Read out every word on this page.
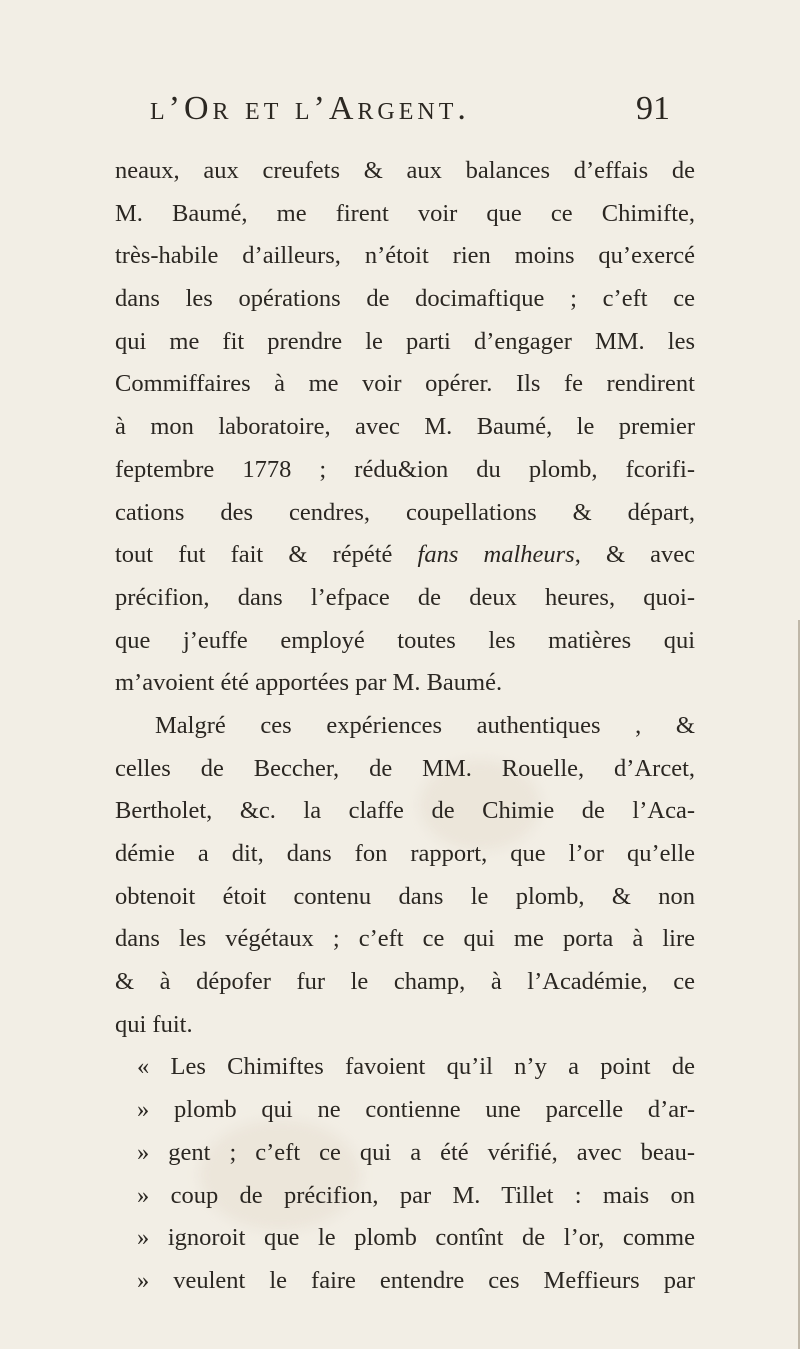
l’Or et l’Argent.	91
neaux, aux creufets & aux balances d’effais de
M. Baumé, me firent voir que ce Chimifte,
très-habile d’ailleurs, n’étoit rien moins qu’exercé
dans les opérations de docimaftique ; c’eft ce
qui me fit prendre le parti d’engager MM. les
Commiffaires à me voir opérer. Ils fe rendirent
à mon laboratoire, avec M. Baumé, le premier
feptembre 1778 ; rédu&ion du plomb, fcorifi-
cations des cendres, coupellations & départ,
tout fut fait & répété fans malheurs, & avec
précifion, dans l’efpace de deux heures, quoi-
que j’euffe employé toutes les matières qui
m’avoient été apportées par M. Baumé.
Malgré ces expériences authentiques , &
celles de Beccher, de MM. Rouelle, d’Arcet,
Bertholet, &c. la claffe de Chimie de l’Aca-
démie a dit, dans fon rapport, que l’or qu’elle
obtenoit étoit contenu dans le plomb, & non
dans les végétaux ; c’eft ce qui me porta à lire
& à dépofer fur le champ, à l’Académie, ce
qui fuit.
« Les Chimiftes favoient qu’il n’y a point de
» plomb qui ne contienne une parcelle d’ar-
» gent ; c’eft ce qui a été vérifié, avec beau-
» coup de précifion, par M. Tillet : mais on
» ignoroit que le plomb contînt de l’or, comme
» veulent le faire entendre ces Meffieurs par
